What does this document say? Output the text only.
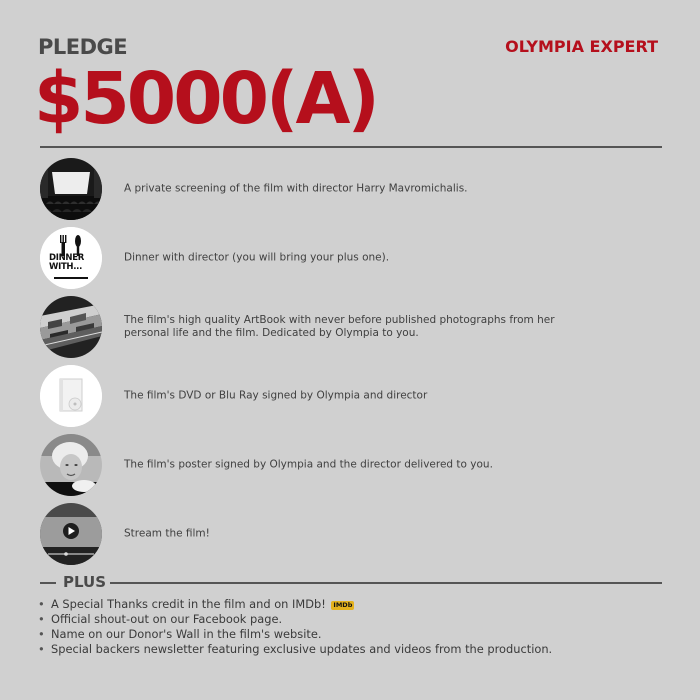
PLEDGE	OLYMPIA EXPERT
$5000(A)
A private screening of the film with director Harry Mavromichalis.
DINNER WITH...
Dinner with director (you will bring your plus one).
The film's high quality ArtBook with never before published photographs from her personal life and the film. Dedicated by Olympia to you.
The film's DVD or Blu Ray signed by Olympia and director
The film's poster signed by Olympia and the director delivered to you.
Stream the film!
PLUS
• A Special Thanks credit in the film and on IMDb! IMDb
• Official shout-out on our Facebook page.
• Name on our Donor's Wall in the film's website.
• Special backers newsletter featuring exclusive updates and videos from the production.
